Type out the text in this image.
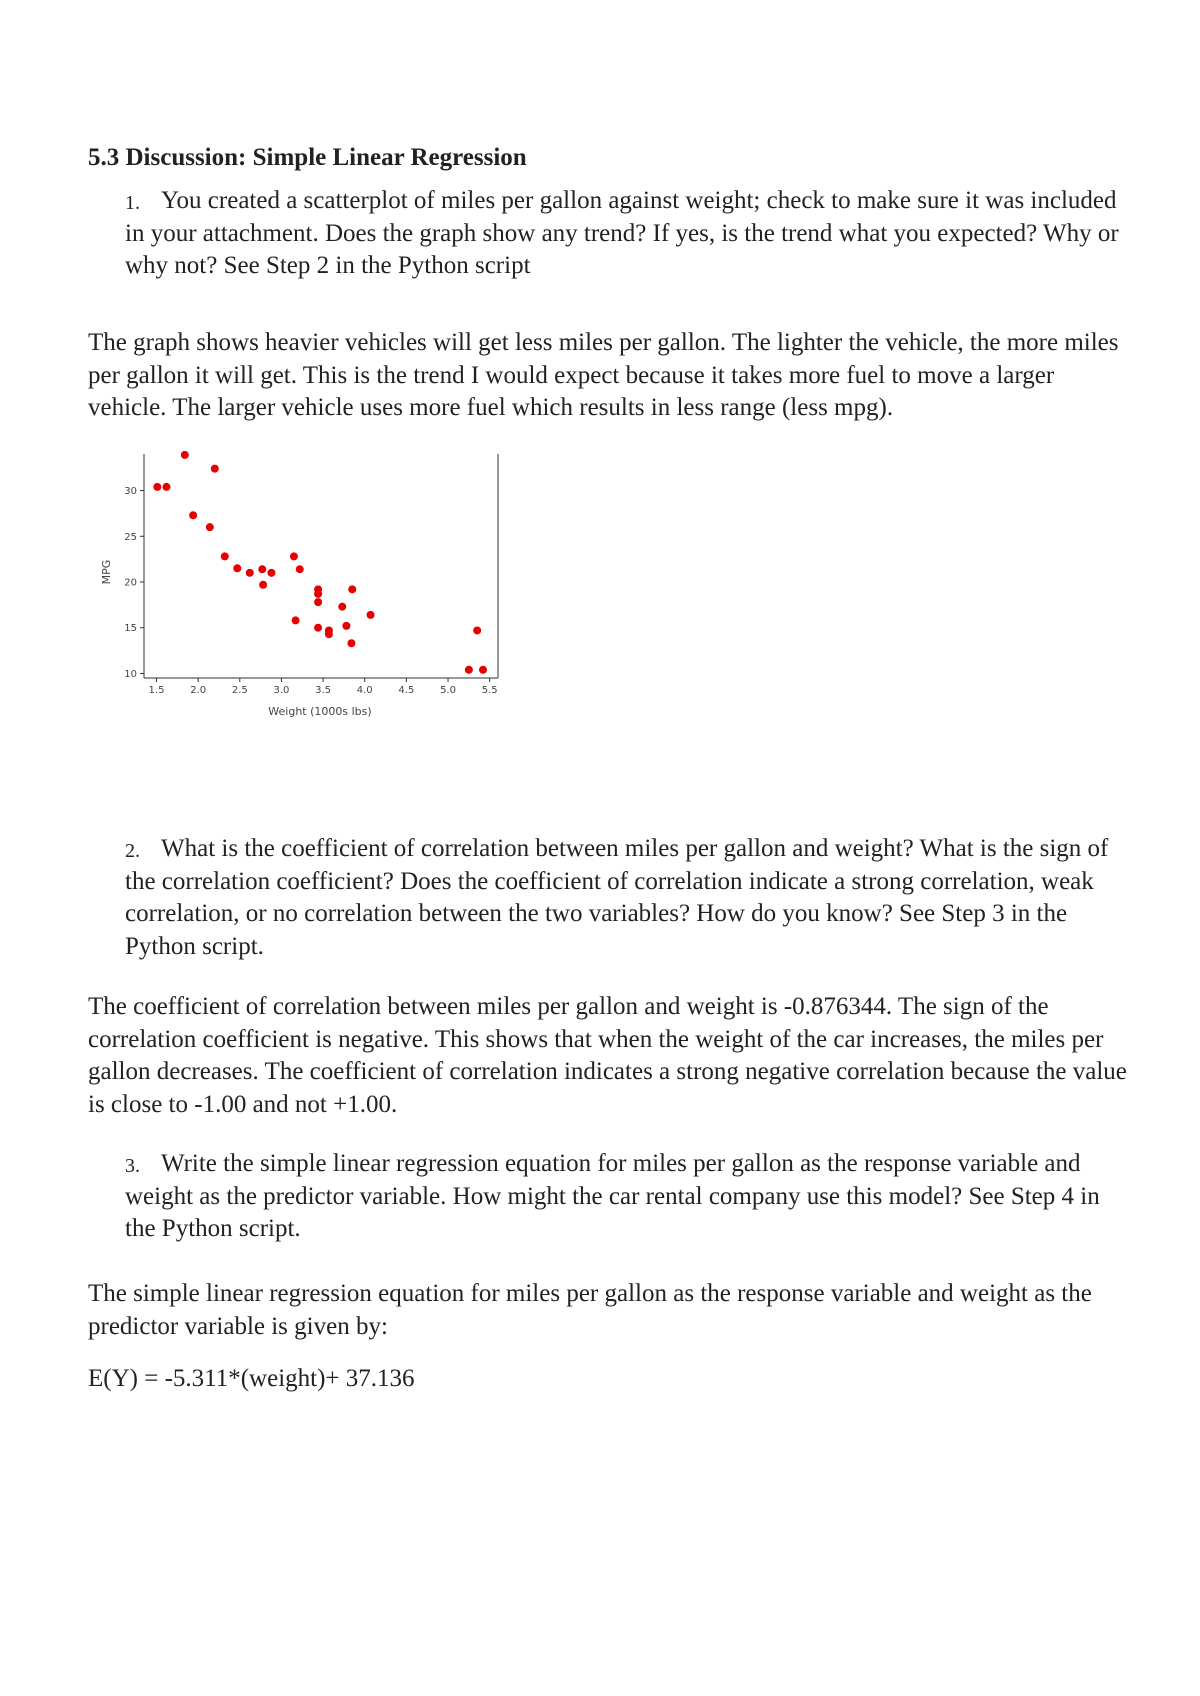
5.3 Discussion: Simple Linear Regression
1. You created a scatterplot of miles per gallon against weight; check to make sure it was included in your attachment. Does the graph show any trend? If yes, is the trend what you expected? Why or why not? See Step 2 in the Python script
The graph shows heavier vehicles will get less miles per gallon. The lighter the vehicle, the more miles per gallon it will get. This is the trend I would expect because it takes more fuel to move a larger vehicle. The larger vehicle uses more fuel which results in less range (less mpg).
1.5	2.0	2.5	3.0	3.5	4.0	4.5	5.0	5.5
10
15
20
25
30
Weight (1000s lbs)
MPG
2. What is the coefficient of correlation between miles per gallon and weight? What is the sign of the correlation coefficient? Does the coefficient of correlation indicate a strong correlation, weak correlation, or no correlation between the two variables? How do you know? See Step 3 in the Python script.
The coefficient of correlation between miles per gallon and weight is -0.876344. The sign of the correlation coefficient is negative. This shows that when the weight of the car increases, the miles per gallon decreases. The coefficient of correlation indicates a strong negative correlation because the value is close to -1.00 and not +1.00.
3. Write the simple linear regression equation for miles per gallon as the response variable and weight as the predictor variable. How might the car rental company use this model? See Step 4 in the Python script.
The simple linear regression equation for miles per gallon as the response variable and weight as the predictor variable is given by:
E(Y) = -5.311*(weight)+ 37.136
